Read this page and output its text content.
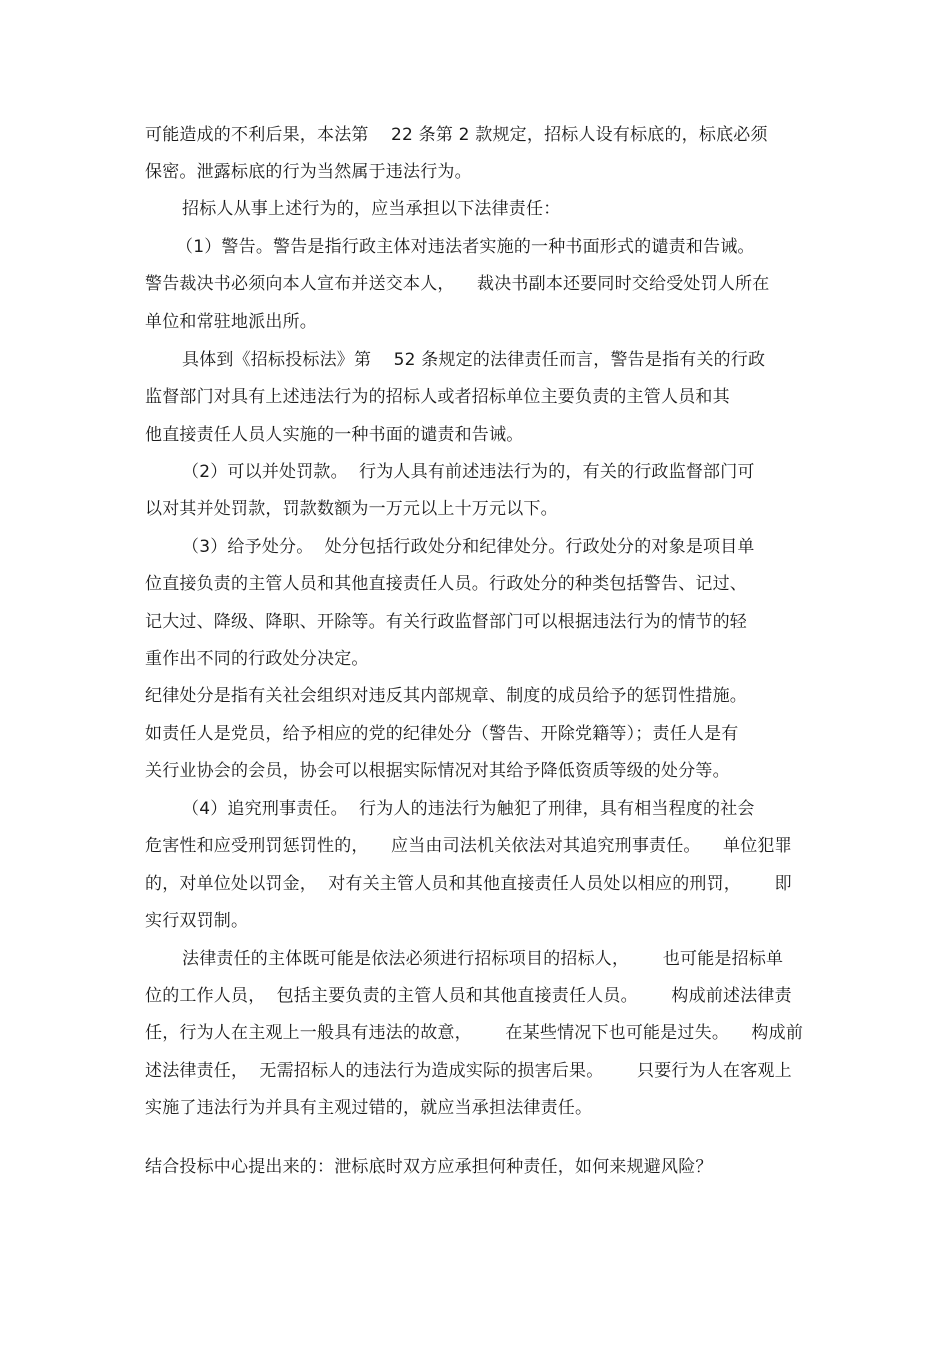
可能造成的不利后果，本法第    22 条第 2 款规定，招标人设有标底的，标底必须
保密。泄露标底的行为当然属于违法行为。
招标人从事上述行为的，应当承担以下法律责任：
（1）警告。警告是指行政主体对违法者实施的一种书面形式的谴责和告诫。
警告裁决书必须向本人宣布并送交本人，    裁决书副本还要同时交给受处罚人所在
单位和常驻地派出所。
具体到《招标投标法》第    52 条规定的法律责任而言，警告是指有关的行政
监督部门对具有上述违法行为的招标人或者招标单位主要负责的主管人员和其
他直接责任人员人实施的一种书面的谴责和告诫。
（2）可以并处罚款。  行为人具有前述违法行为的，有关的行政监督部门可
以对其并处罚款，罚款数额为一万元以上十万元以下。
（3）给予处分。  处分包括行政处分和纪律处分。行政处分的对象是项目单
位直接负责的主管人员和其他直接责任人员。行政处分的种类包括警告、记过、
记大过、降级、降职、开除等。有关行政监督部门可以根据违法行为的情节的轻
重作出不同的行政处分决定。
纪律处分是指有关社会组织对违反其内部规章、制度的成员给予的惩罚性措施。
如责任人是党员，给予相应的党的纪律处分（警告、开除党籍等）；责任人是有
关行业协会的会员，协会可以根据实际情况对其给予降低资质等级的处分等。
（4）追究刑事责任。  行为人的违法行为触犯了刑律，具有相当程度的社会
危害性和应受刑罚惩罚性的，    应当由司法机关依法对其追究刑事责任。    单位犯罪
的，对单位处以罚金，  对有关主管人员和其他直接责任人员处以相应的刑罚，      即
实行双罚制。
法律责任的主体既可能是依法必须进行招标项目的招标人，      也可能是招标单
位的工作人员，  包括主要负责的主管人员和其他直接责任人员。      构成前述法律责
任，行为人在主观上一般具有违法的故意，      在某些情况下也可能是过失。    构成前
述法律责任，  无需招标人的违法行为造成实际的损害后果。      只要行为人在客观上
实施了违法行为并具有主观过错的，就应当承担法律责任。
结合投标中心提出来的：泄标底时双方应承担何种责任，如何来规避风险？
